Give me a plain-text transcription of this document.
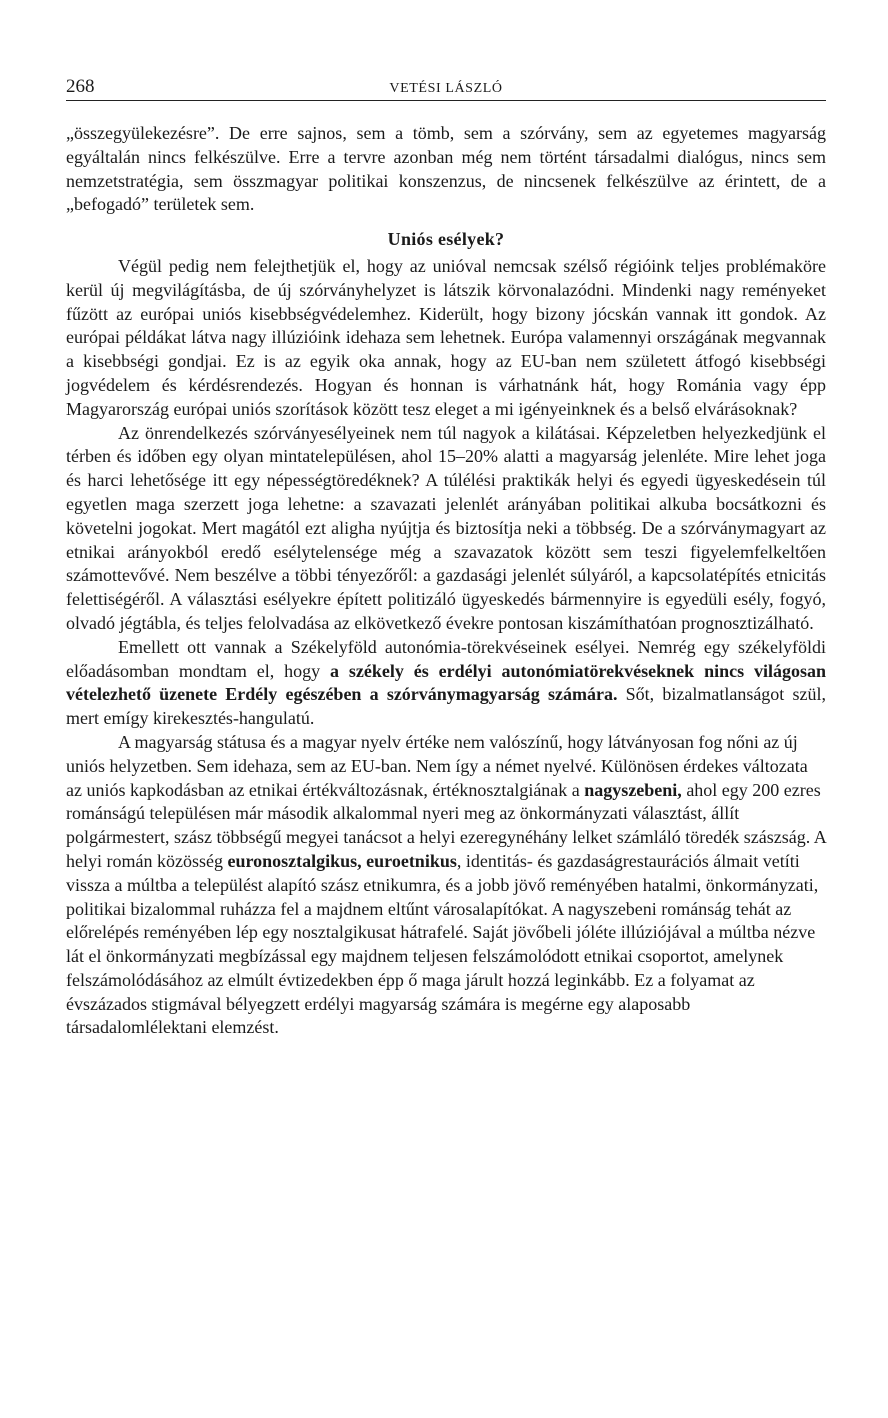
268	VETÉSI LÁSZLÓ

„összegyülekezésre”. De erre sajnos, sem a tömb, sem a szórvány, sem az egyetemes magyarság egyáltalán nincs felkészülve. Erre a tervre azonban még nem történt társadalmi dialógus, nincs sem nemzetstratégia, sem összmagyar politikai konszenzus, de nincsenek felkészülve az érintett, de a „befogadó” területek sem.

Uniós esélyek?

Végül pedig nem felejthetjük el, hogy az unióval nemcsak szélső régióink teljes problémaköre kerül új megvilágításba, de új szórványhelyzet is látszik körvonalazódni. Mindenki nagy reményeket fűzött az európai uniós kisebbségvédelemhez. Kiderült, hogy bizony jócskán vannak itt gondok. Az európai példákat látva nagy illúzióink idehaza sem lehetnek. Európa valamennyi országának megvannak a kisebbségi gondjai. Ez is az egyik oka annak, hogy az EU-ban nem született átfogó kisebbségi jogvédelem és kérdésrendezés. Hogyan és honnan is várhatnánk hát, hogy Románia vagy épp Magyarország európai uniós szorítások között tesz eleget a mi igényeinknek és a belső elvárásoknak?

Az önrendelkezés szórványesélyeinek nem túl nagyok a kilátásai. Képzeletben helyezkedjünk el térben és időben egy olyan mintatelepülésen, ahol 15–20% alatti a magyarság jelenléte. Mire lehet joga és harci lehetősége itt egy népességtöredéknek? A túlélési praktikák helyi és egyedi ügyeskedésein túl egyetlen maga szerzett joga lehetne: a szavazati jelenlét arányában politikai alkuba bocsátkozni és követelni jogokat. Mert magától ezt aligha nyújtja és biztosítja neki a többség. De a szórványmagyart az etnikai arányokból eredő esélytelensége még a szavazatok között sem teszi figyelemfelkeltően számottevővé. Nem beszélve a többi tényezőről: a gazdasági jelenlét súlyáról, a kapcsolatépítés etnicitás felettiségéről. A választási esélyekre épített politizáló ügyeskedés bármennyire is egyedüli esély, fogyó, olvadó jégtábla, és teljes felolvadása az elkövetkező évekre pontosan kiszámíthatóan prognosztizálható.

Emellett ott vannak a Székelyföld autonómia-törekvéseinek esélyei. Nemrég egy székelyföldi előadásomban mondtam el, hogy a székely és erdélyi autonómiatörekvéseknek nincs világosan vételezhető üzenete Erdély egészében a szórványmagyarság számára. Sőt, bizalmatlanságot szül, mert emígy kirekesztés-hangulatú.

A magyarság státusa és a magyar nyelv értéke nem valószínű, hogy látványosan fog nőni az új uniós helyzetben. Sem idehaza, sem az EU-ban. Nem így a német nyelvé. Különösen érdekes változata az uniós kapkodásban az etnikai értékváltozásnak, értéknosztalgiának a nagyszebeni, ahol egy 200 ezres románságú településen már második alkalommal nyeri meg az önkormányzati választást, állít polgármestert, szász többségű megyei tanácsot a helyi ezeregynéhány lelket számláló töredék szászság. A helyi román közösség euronosztalgikus, euroetnikus, identitás- és gazdaságrestaurációs álmait vetíti vissza a múltba a települést alapító szász etnikumra, és a jobb jövő reményében hatalmi, önkormányzati, politikai bizalommal ruházza fel a majdnem eltűnt városalapítókat. A nagyszebeni románság tehát az előrelépés reményében lép egy nosztalgikusat hátrafelé. Saját jövőbeli jóléte illúziójával a múltba nézve lát el önkormányzati megbízással egy majdnem teljesen felszámolódott etnikai csoportot, amelynek felszámolódásához az elmúlt évtizedekben épp ő maga járult hozzá leginkább. Ez a folyamat az évszázados stigmával bélyegzett erdélyi magyarság számára is megérne egy alaposabb társadalomlélektani elemzést.
